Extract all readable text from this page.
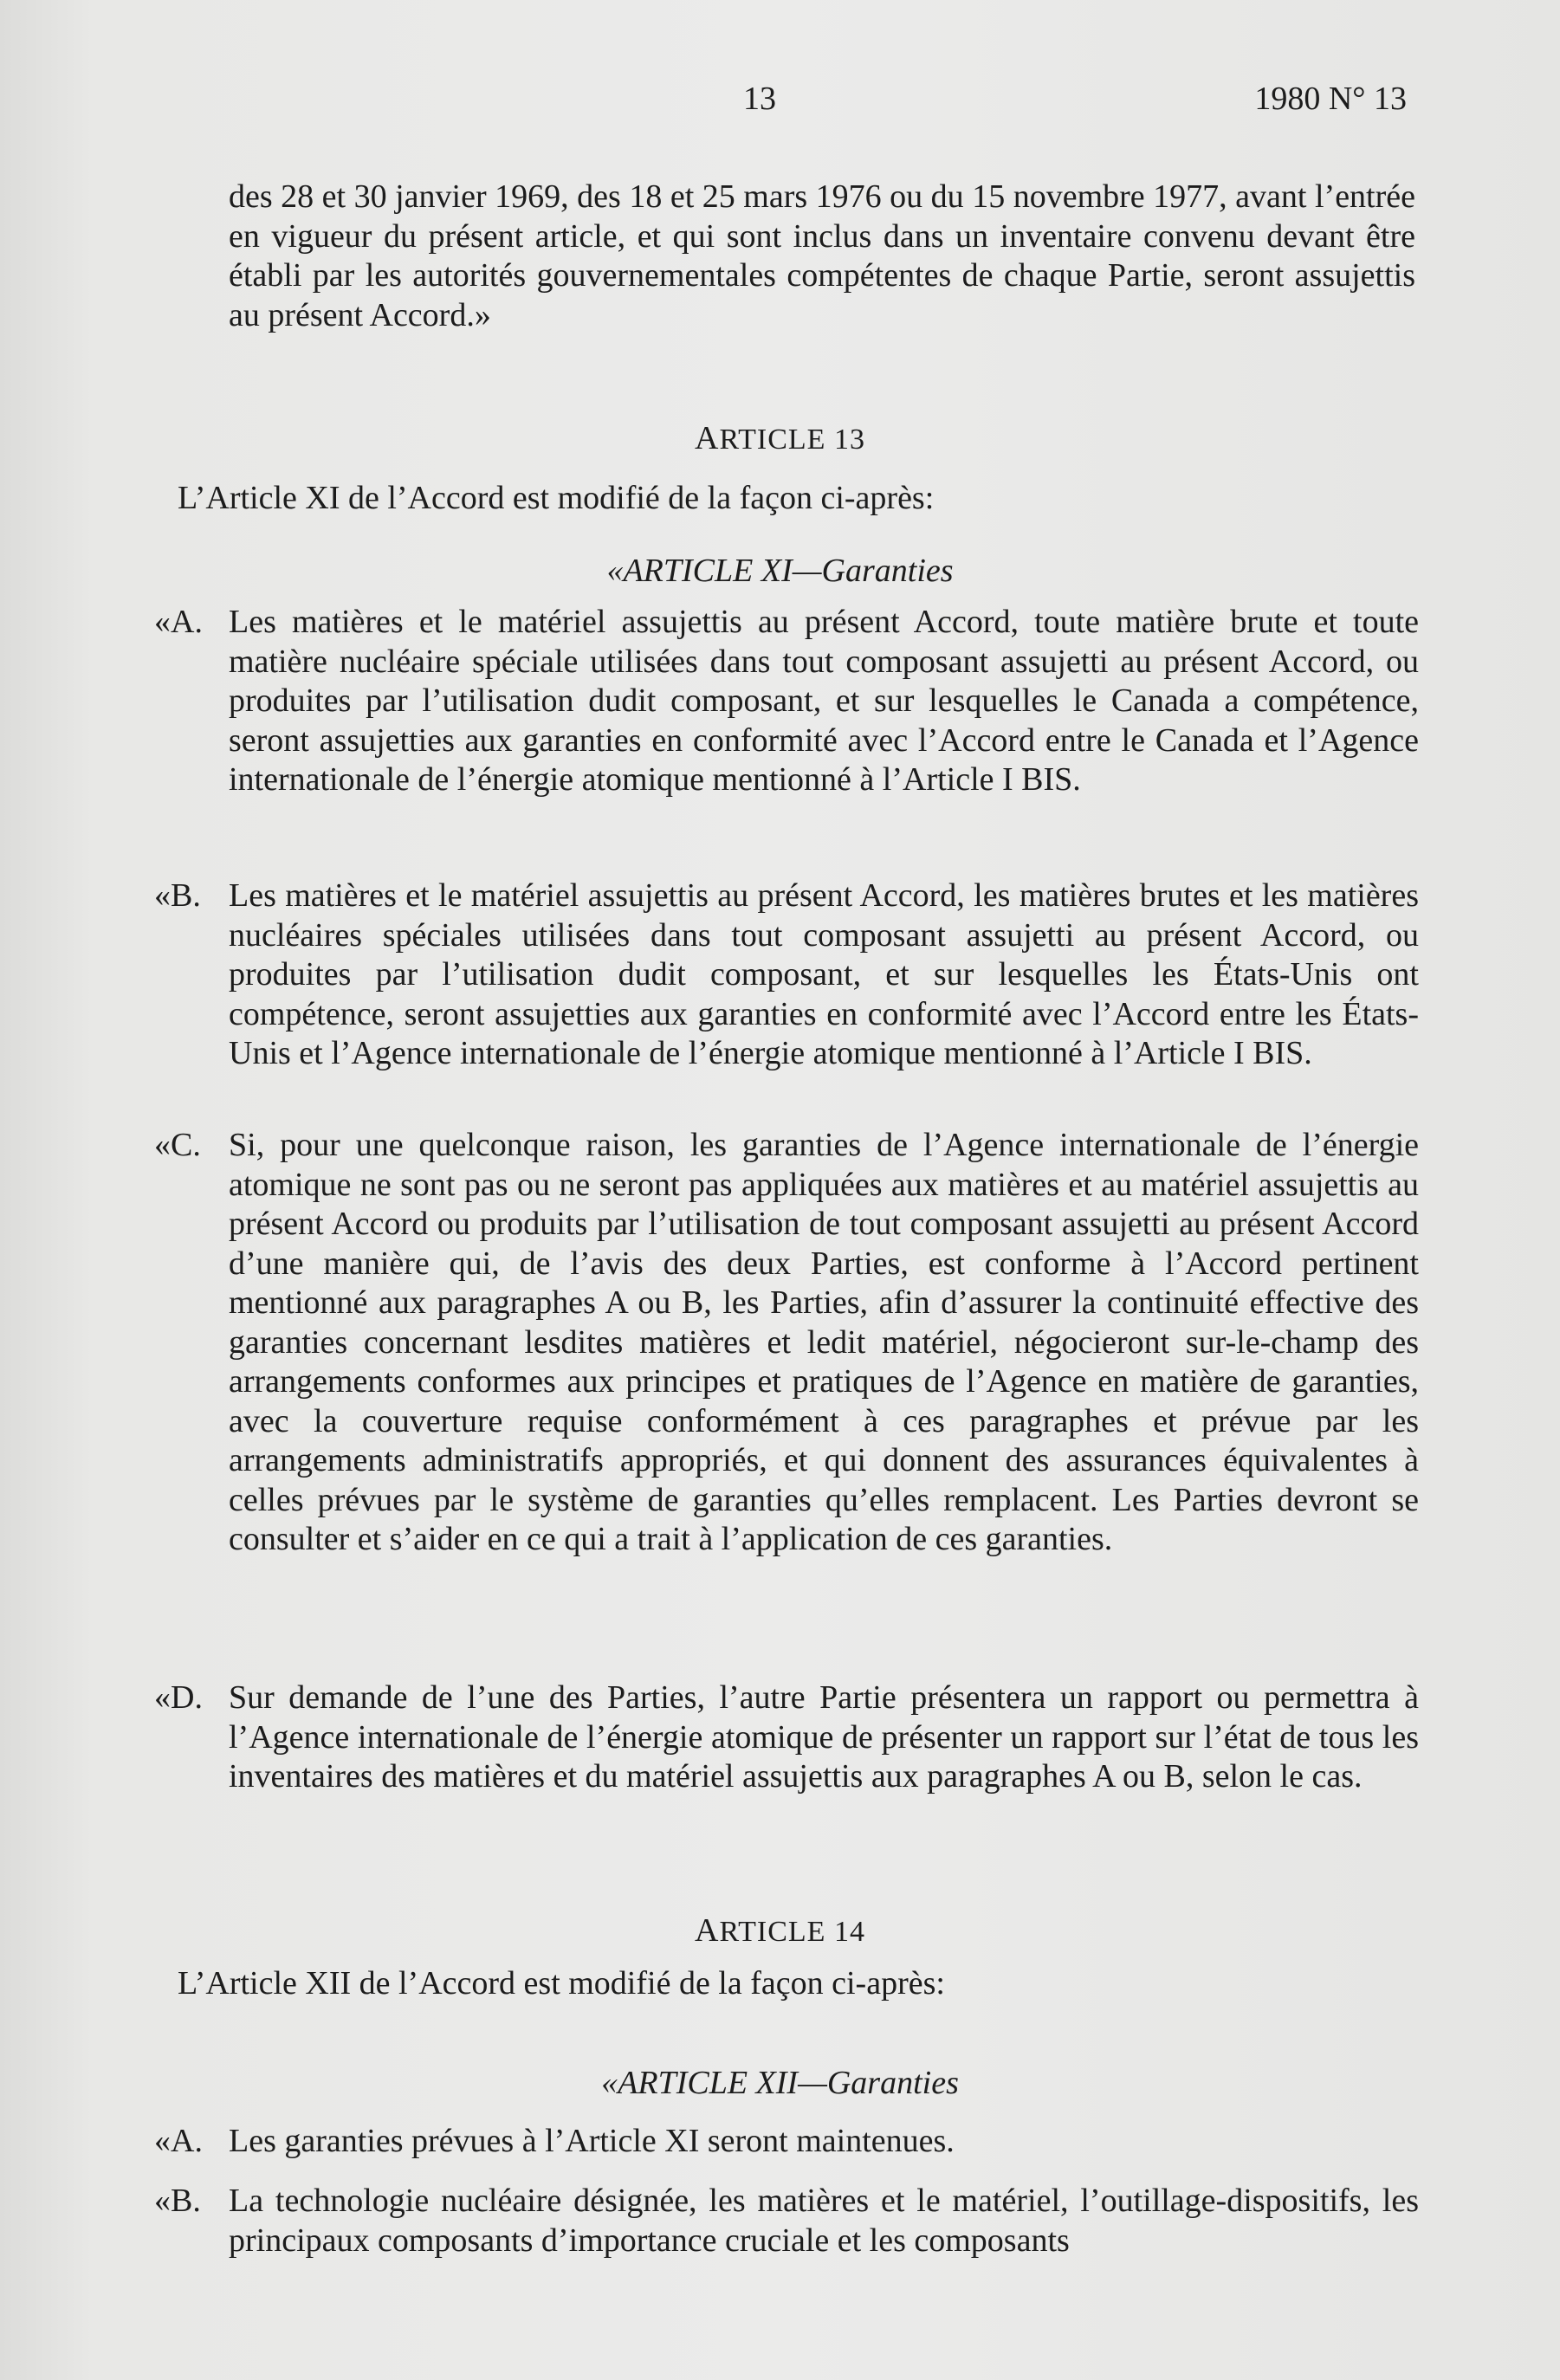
13	1980 N° 13
des 28 et 30 janvier 1969, des 18 et 25 mars 1976 ou du 15 novembre 1977, avant l’entrée en vigueur du présent article, et qui sont inclus dans un inventaire convenu devant être établi par les autorités gouvernementales compétentes de chaque Partie, seront assujettis au présent Accord.»
ARTICLE 13
L’Article XI de l’Accord est modifié de la façon ci-après:
«ARTICLE XI—Garanties
«A. Les matières et le matériel assujettis au présent Accord, toute matière brute et toute matière nucléaire spéciale utilisées dans tout composant assujetti au présent Accord, ou produites par l’utilisation dudit composant, et sur lesquelles le Canada a compétence, seront assujetties aux garanties en conformité avec l’Accord entre le Canada et l’Agence internationale de l’énergie atomique mentionné à l’Article I BIS.
«B. Les matières et le matériel assujettis au présent Accord, les matières brutes et les matières nucléaires spéciales utilisées dans tout composant assujetti au présent Accord, ou produites par l’utilisation dudit composant, et sur lesquelles les États-Unis ont compétence, seront assujetties aux garanties en conformité avec l’Accord entre les États-Unis et l’Agence internationale de l’énergie atomique mentionné à l’Article I BIS.
«C. Si, pour une quelconque raison, les garanties de l’Agence internationale de l’énergie atomique ne sont pas ou ne seront pas appliquées aux matières et au matériel assujettis au présent Accord ou produits par l’utilisation de tout composant assujetti au présent Accord d’une manière qui, de l’avis des deux Parties, est conforme à l’Accord pertinent mentionné aux paragraphes A ou B, les Parties, afin d’assurer la continuité effective des garanties concernant lesdites matières et ledit matériel, négocieront sur-le-champ des arrangements conformes aux principes et pratiques de l’Agence en matière de garanties, avec la couverture requise conformément à ces paragraphes et prévue par les arrangements administratifs appropriés, et qui donnent des assurances équivalentes à celles prévues par le système de garanties qu’elles remplacent. Les Parties devront se consulter et s’aider en ce qui a trait à l’application de ces garanties.
«D. Sur demande de l’une des Parties, l’autre Partie présentera un rapport ou permettra à l’Agence internationale de l’énergie atomique de présenter un rapport sur l’état de tous les inventaires des matières et du matériel assujettis aux paragraphes A ou B, selon le cas.
ARTICLE 14
L’Article XII de l’Accord est modifié de la façon ci-après:
«ARTICLE XII—Garanties
«A. Les garanties prévues à l’Article XI seront maintenues.
«B. La technologie nucléaire désignée, les matières et le matériel, l’outillage-dispositifs, les principaux composants d’importance cruciale et les composants
